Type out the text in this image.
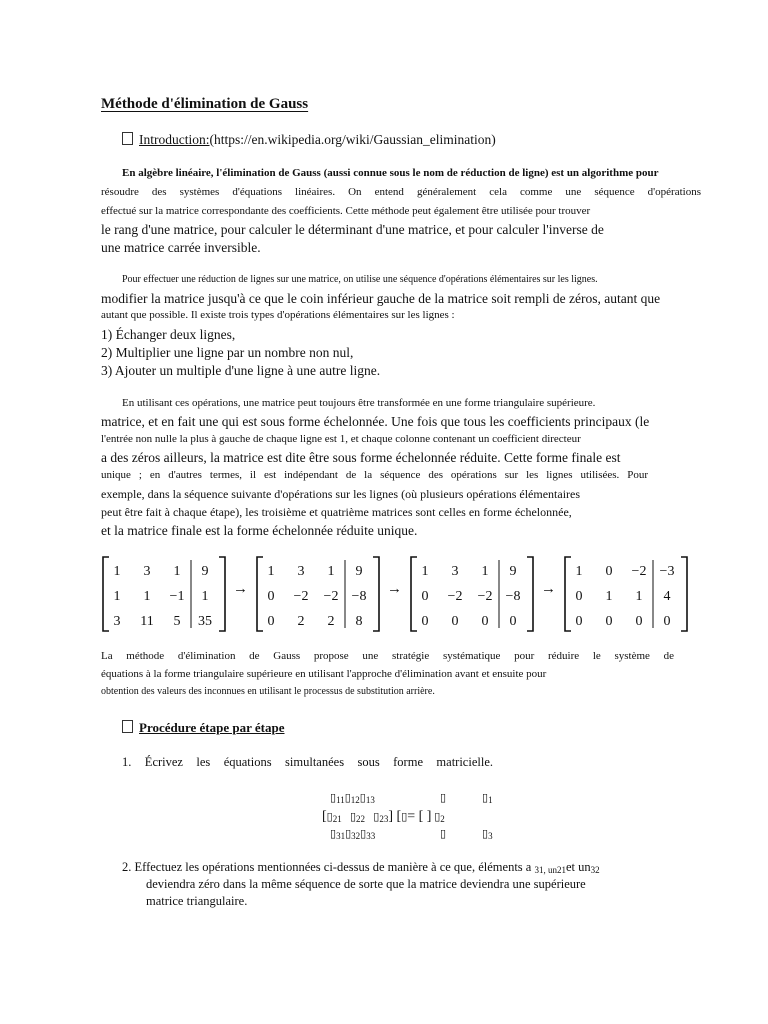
Méthode d'élimination de Gauss
Introduction:(https://en.wikipedia.org/wiki/Gaussian_elimination)
En algèbre linéaire, l'élimination de Gauss (aussi connue sous le nom de réduction de ligne) est un algorithme pour
résoudre des systèmes d'équations linéaires. On entend généralement cela comme une séquence d'opérations
effectué sur la matrice correspondante des coefficients. Cette méthode peut également être utilisée pour trouver
le rang d'une matrice, pour calculer le déterminant d'une matrice, et pour calculer l'inverse de
une matrice carrée inversible.
Pour effectuer une réduction de lignes sur une matrice, on utilise une séquence d'opérations élémentaires sur les lignes.
modifier la matrice jusqu'à ce que le coin inférieur gauche de la matrice soit rempli de zéros, autant que
autant que possible. Il existe trois types d'opérations élémentaires sur les lignes :
1) Échanger deux lignes,
2) Multiplier une ligne par un nombre non nul,
3) Ajouter un multiple d'une ligne à une autre ligne.
En utilisant ces opérations, une matrice peut toujours être transformée en une forme triangulaire supérieure.
matrice, et en fait une qui est sous forme échelonnée. Une fois que tous les coefficients principaux (le
l'entrée non nulle la plus à gauche de chaque ligne est 1, et chaque colonne contenant un coefficient directeur
a des zéros ailleurs, la matrice est dite être sous forme échelonnée réduite. Cette forme finale est
unique ; en d'autres termes, il est indépendant de la séquence des opérations sur les lignes utilisées. Pour
exemple, dans la séquence suivante d'opérations sur les lignes (où plusieurs opérations élémentaires
peut être fait à chaque étape), les troisième et quatrième matrices sont celles en forme échelonnée,
et la matrice finale est la forme échelonnée réduite unique.
1 3 1 9
1 1 −1 1
3 11 5 35
→
1 3 1 9
0 −2 −2 −8
0 2 2 8
→
1 3 1 9
0 −2 −2 −8
0 0 0 0
→
1 0 −2 −3
0 1 1 4
0 0 0 0
La méthode d'élimination de Gauss propose une stratégie systématique pour réduire le système de
équations à la forme triangulaire supérieure en utilisant l'approche d'élimination avant et ensuite pour
obtention des valeurs des inconnues en utilisant le processus de substitution arrière.
Procédure étape par étape
1. Écrivez les équations simultanées sous forme matricielle.
▯11▯12▯13	▯	▯1
[▯21 ▯22 ▯23] [▯= [ ] ▯2
▯31▯32▯33	▯	▯3
2. Effectuez les opérations mentionnées ci-dessus de manière à ce que, éléments a 31, un21et un32
deviendra zéro dans la même séquence de sorte que la matrice deviendra une supérieure
matrice triangulaire.
